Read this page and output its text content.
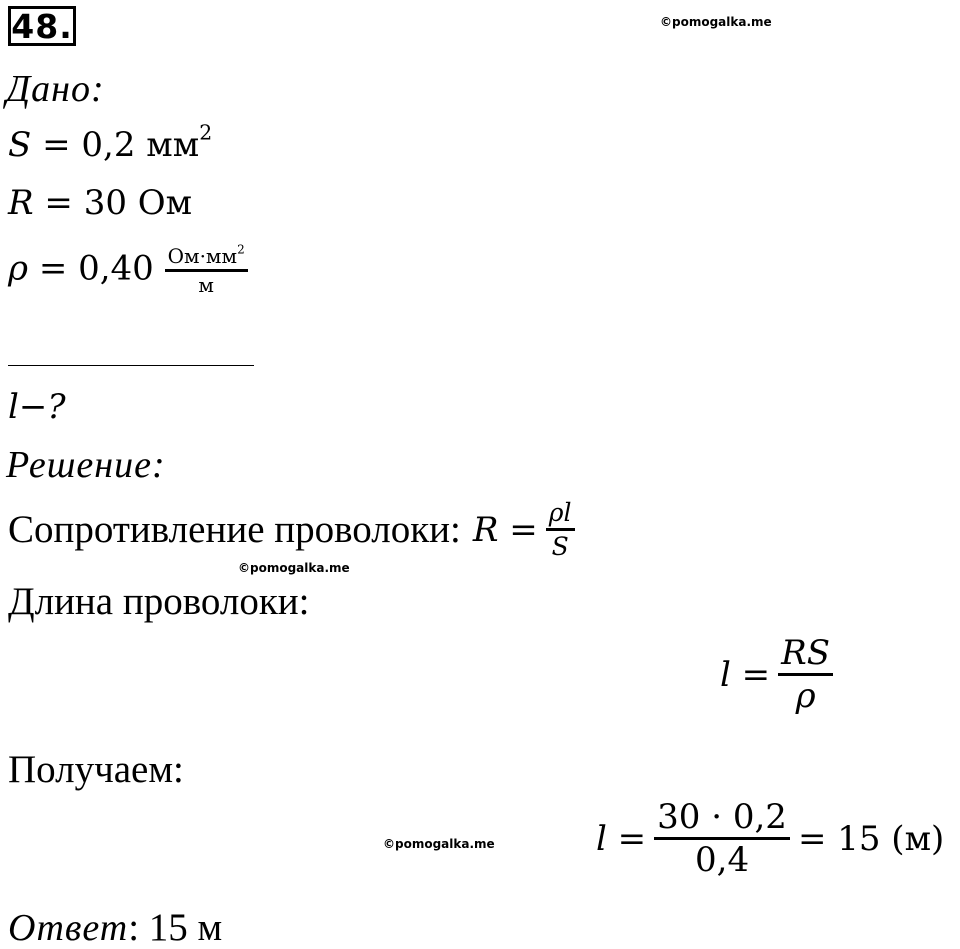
48.	©pomogalka.me
©pomogalka.me
©pomogalka.me
Дано:
S = 0,2 $мм^2$
R = 30 Ом
$\rho = 0,40 \frac{Ом\cdot мм^2}{м}$
l−?
Решение:
Сопротивление проволоки: $R = \frac{\rho l}{S}$
Длина проволоки:
$l = \frac{RS}{\rho}$
Получаем:
$l = \frac{30 \cdot 0,2}{0,4} = 15$ (м)
Ответ: 15 м
